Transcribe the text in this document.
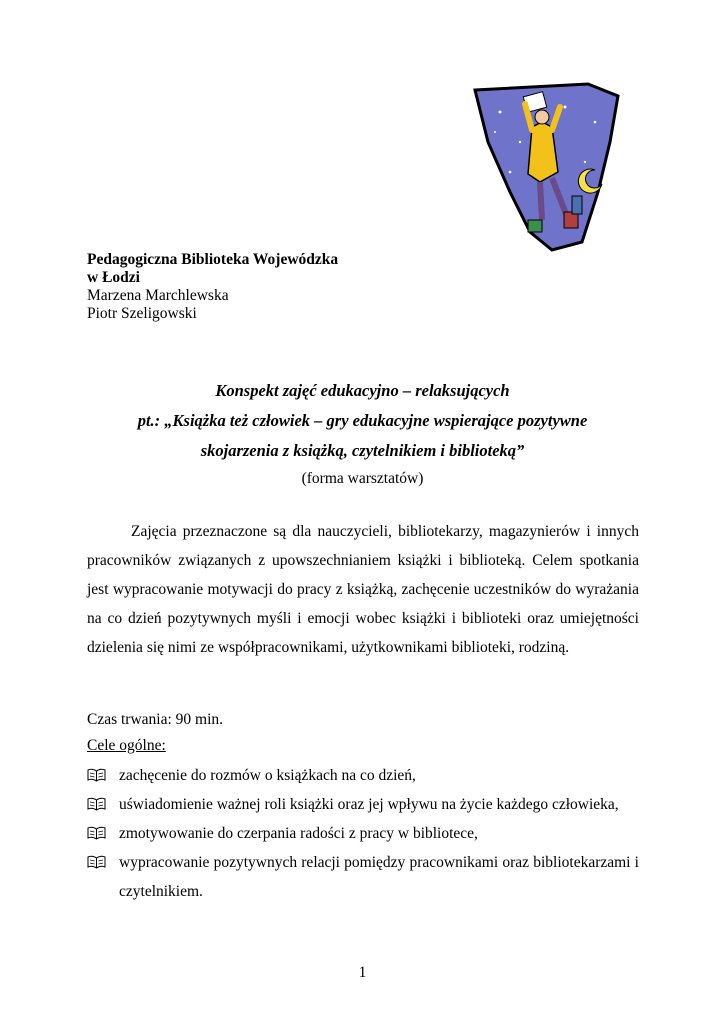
Pedagogiczna Biblioteka Wojewódzka
w Łodzi
Marzena Marchlewska
Piotr Szeligowski
Konspekt zajęć edukacyjno – relaksujących
pt.: „Książka też człowiek – gry edukacyjne wspierające pozytywne
skojarzenia z książką, czytelnikiem i biblioteką”
(forma warsztatów)
Zajęcia przeznaczone są dla nauczycieli, bibliotekarzy, magazynierów i innych pracowników związanych z upowszechnianiem książki i biblioteką. Celem spotkania jest wypracowanie motywacji do pracy z książką, zachęcenie uczestników do wyrażania na co dzień pozytywnych myśli i emocji wobec książki i biblioteki oraz umiejętności dzielenia się nimi ze współpracownikami, użytkownikami biblioteki, rodziną.
Czas trwania: 90 min.
Cele ogólne:
zachęcenie do rozmów o książkach na co dzień,
uświadomienie ważnej roli książki oraz jej wpływu na życie każdego człowieka,
zmotywowanie do czerpania radości z pracy w bibliotece,
wypracowanie pozytywnych relacji pomiędzy pracownikami oraz bibliotekarzami i czytelnikiem.
1
